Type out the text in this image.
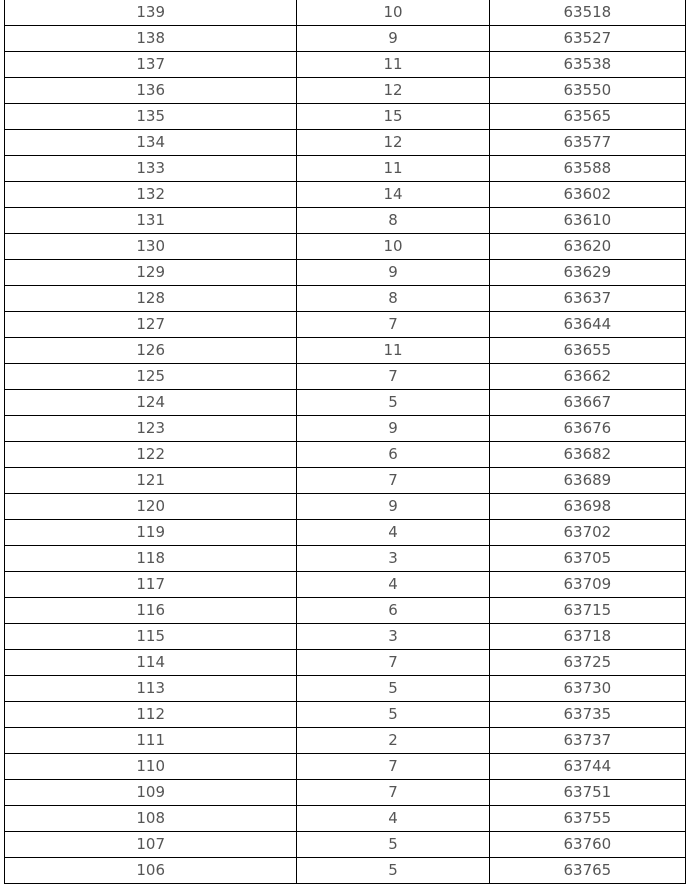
139	10	63518
138	9	63527
137	11	63538
136	12	63550
135	15	63565
134	12	63577
133	11	63588
132	14	63602
131	8	63610
130	10	63620
129	9	63629
128	8	63637
127	7	63644
126	11	63655
125	7	63662
124	5	63667
123	9	63676
122	6	63682
121	7	63689
120	9	63698
119	4	63702
118	3	63705
117	4	63709
116	6	63715
115	3	63718
114	7	63725
113	5	63730
112	5	63735
111	2	63737
110	7	63744
109	7	63751
108	4	63755
107	5	63760
106	5	63765
